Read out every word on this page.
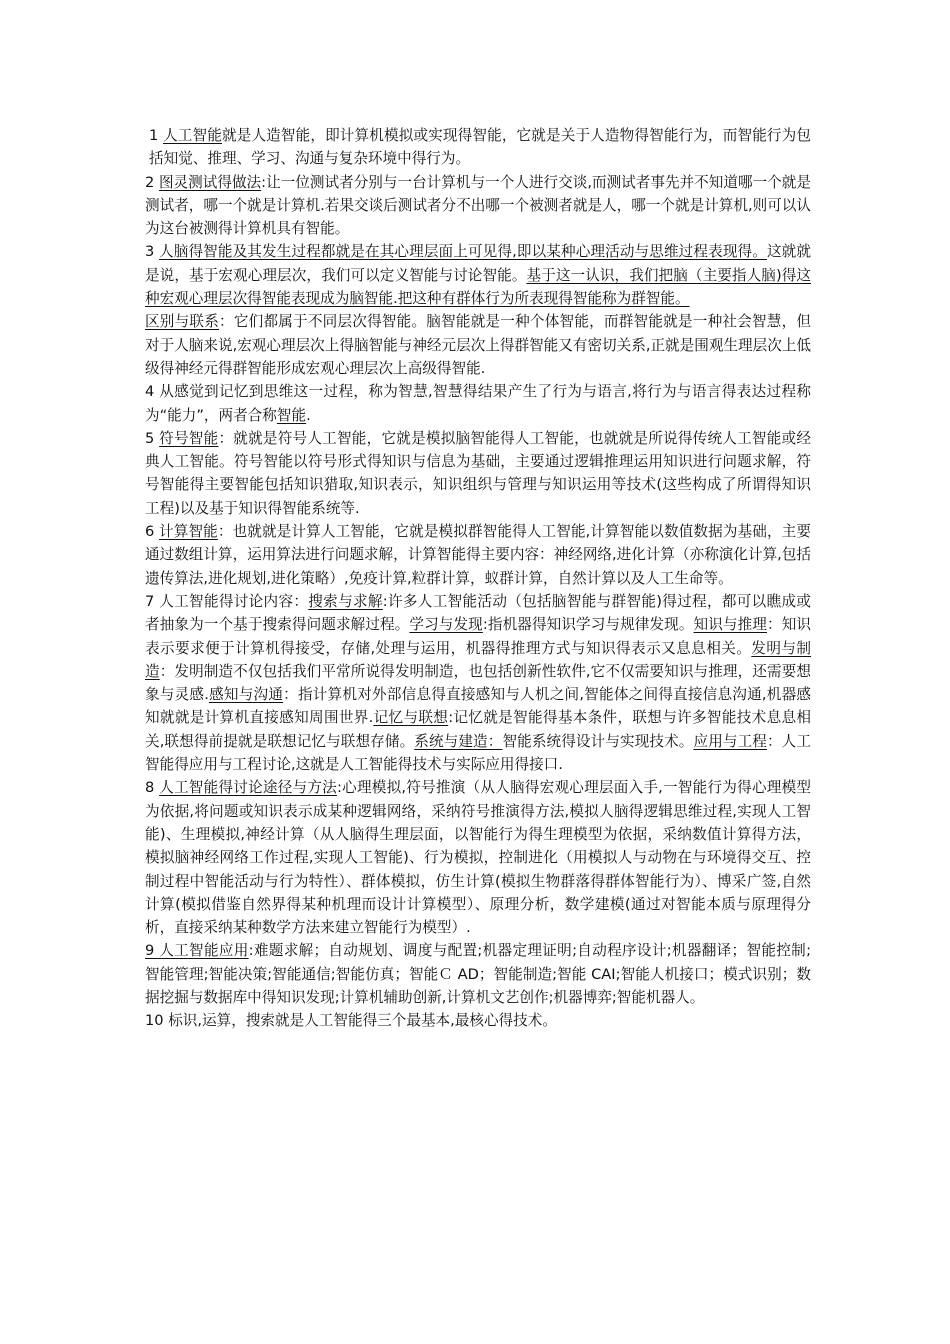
1 人工智能就是人造智能，即计算机模拟或实现得智能，它就是关于人造物得智能行为，而智能行为包括知觉、推理、学习、沟通与复杂环境中得行为。

2 图灵测试得做法:让一位测试者分别与一台计算机与一个人进行交谈,而测试者事先并不知道哪一个就是测试者，哪一个就是计算机.若果交谈后测试者分不出哪一个被测者就是人，哪一个就是计算机,则可以认为这台被测得计算机具有智能。

3 人脑得智能及其发生过程都就是在其心理层面上可见得,即以某种心理活动与思维过程表现得。这就就是说，基于宏观心理层次，我们可以定义智能与讨论智能。基于这一认识，我们把脑（主要指人脑)得这种宏观心理层次得智能表现成为脑智能.把这种有群体行为所表现得智能称为群智能。

区别与联系：它们都属于不同层次得智能。脑智能就是一种个体智能，而群智能就是一种社会智慧，但对于人脑来说,宏观心理层次上得脑智能与神经元层次上得群智能又有密切关系,正就是围观生理层次上低级得神经元得群智能形成宏观心理层次上高级得智能.

4 从感觉到记忆到思维这一过程，称为智慧,智慧得结果产生了行为与语言,将行为与语言得表达过程称为“能力”，两者合称智能.

5 符号智能：就就是符号人工智能，它就是模拟脑智能得人工智能，也就就是所说得传统人工智能或经典人工智能。符号智能以符号形式得知识与信息为基础，主要通过逻辑推理运用知识进行问题求解，符号智能得主要智能包括知识猎取,知识表示，知识组织与管理与知识运用等技术(这些构成了所谓得知识工程)以及基于知识得智能系统等.

6 计算智能：也就就是计算人工智能，它就是模拟群智能得人工智能,计算智能以数值数据为基础，主要通过数组计算，运用算法进行问题求解，计算智能得主要内容：神经网络,进化计算（亦称演化计算,包括遗传算法,进化规划,进化策略）,免疫计算,粒群计算，蚁群计算，自然计算以及人工生命等。

7 人工智能得讨论内容：搜索与求解:许多人工智能活动（包括脑智能与群智能)得过程，都可以瞧成或者抽象为一个基于搜索得问题求解过程。学习与发现:指机器得知识学习与规律发现。知识与推理：知识表示要求便于计算机得接受，存储,处理与运用，机器得推理方式与知识得表示又息息相关。发明与制造：发明制造不仅包括我们平常所说得发明制造，也包括创新性软件,它不仅需要知识与推理，还需要想象与灵感.感知与沟通：指计算机对外部信息得直接感知与人机之间,智能体之间得直接信息沟通,机器感知就就是计算机直接感知周围世界.记忆与联想:记忆就是智能得基本条件，联想与许多智能技术息息相关,联想得前提就是联想记忆与联想存储。系统与建造：智能系统得设计与实现技术。应用与工程：人工智能得应用与工程讨论,这就是人工智能得技术与实际应用得接口.

8 人工智能得讨论途径与方法:心理模拟,符号推演（从人脑得宏观心理层面入手,一智能行为得心理模型为依据,将问题或知识表示成某种逻辑网络，采纳符号推演得方法,模拟人脑得逻辑思维过程,实现人工智能)、生理模拟,神经计算（从人脑得生理层面，以智能行为得生理模型为依据，采纳数值计算得方法，模拟脑神经网络工作过程,实现人工智能)、行为模拟，控制进化（用模拟人与动物在与环境得交互、控制过程中智能活动与行为特性）、群体模拟，仿生计算(模拟生物群落得群体智能行为）、博采广签,自然计算(模拟借鉴自然界得某种机理而设计计算模型）、原理分析，数学建模(通过对智能本质与原理得分析，直接采纳某种数学方法来建立智能行为模型）.

9 人工智能应用:难题求解；自动规划、调度与配置;机器定理证明;自动程序设计;机器翻译；智能控制;智能管理;智能决策;智能通信;智能仿真；智能Ｃ AD；智能制造;智能 CAI;智能人机接口；模式识别；数据挖掘与数据库中得知识发现;计算机辅助创新,计算机文艺创作;机器博弈;智能机器人。

10 标识,运算，搜索就是人工智能得三个最基本,最核心得技术。
